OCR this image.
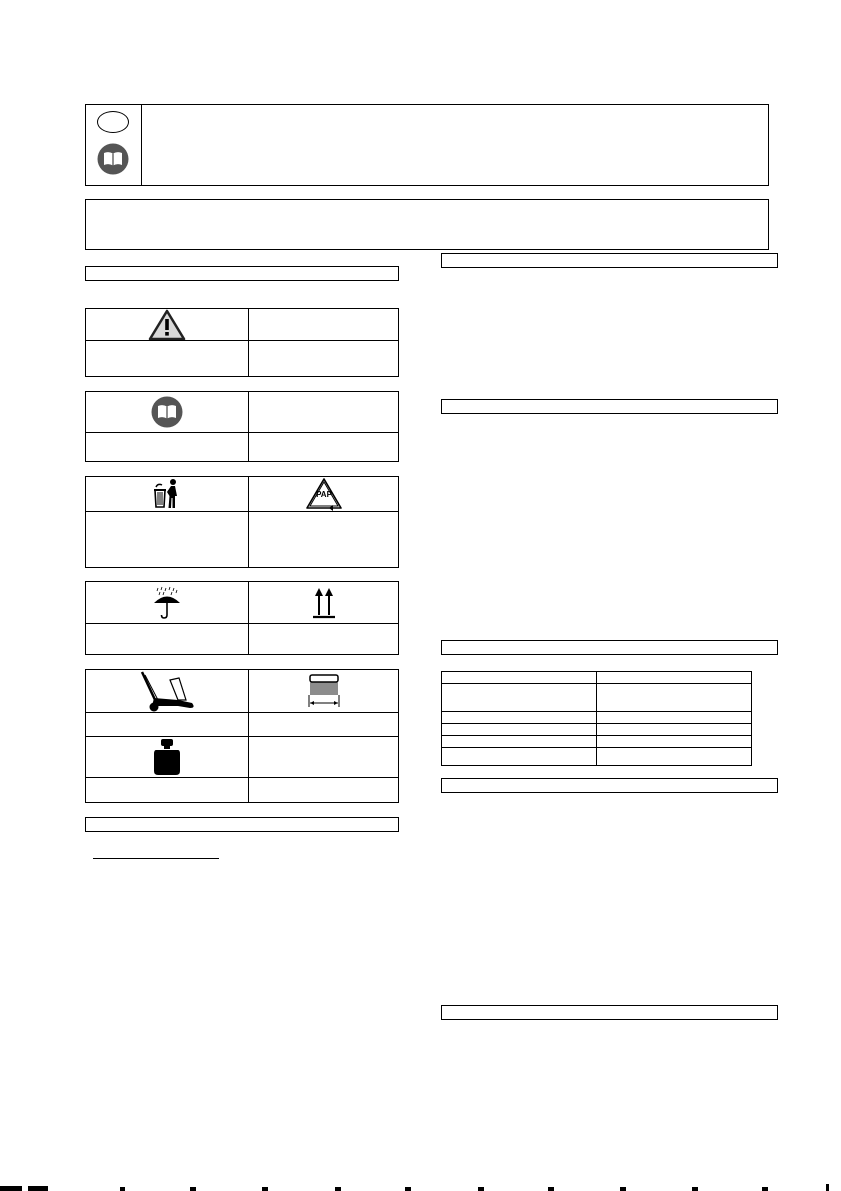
PAP
